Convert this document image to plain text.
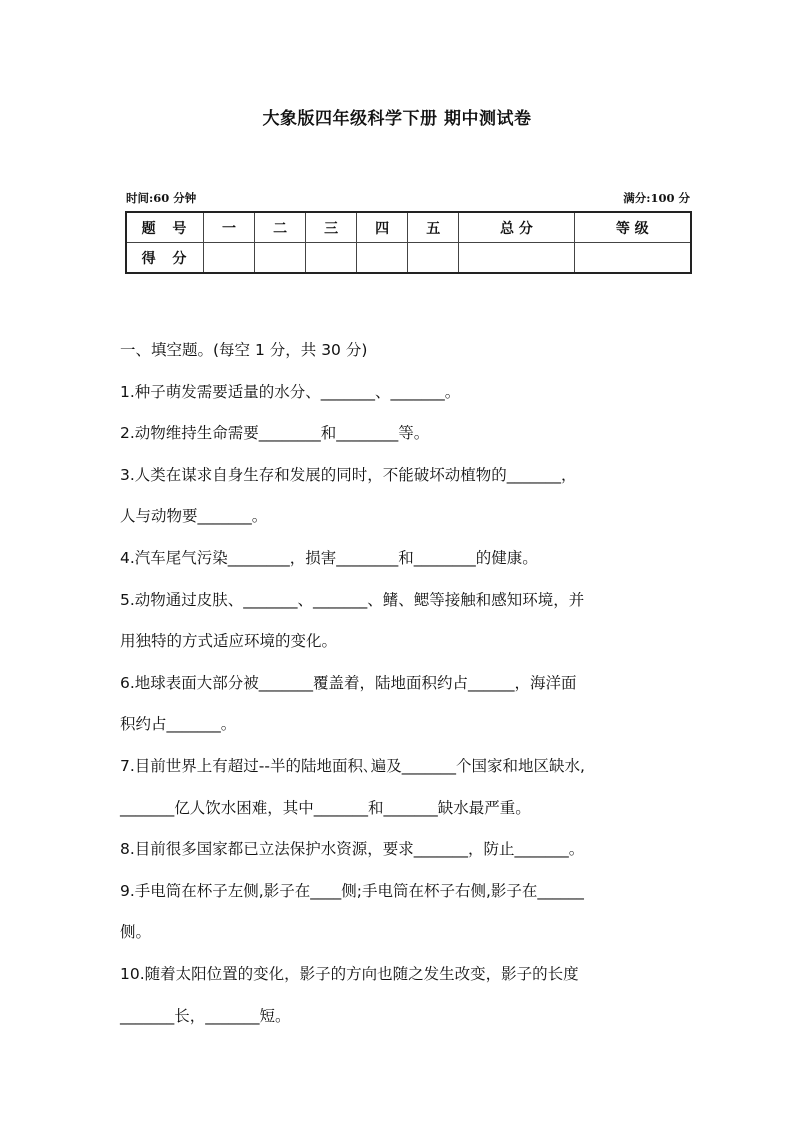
大象版四年级科学下册 期中测试卷
时间:60 分钟	满分:100 分
题 号	一	二	三	四	五	总 分	等 级
得 分							

一、填空题。(每空 1 分，共 30 分)

1.种子萌发需要适量的水分、_______、_______。

2.动物维持生命需要________和________等。

3.人类在谋求自身生存和发展的同时，不能破坏动植物的_______，

人与动物要_______。

4.汽车尾气污染________，损害________和________的健康。

5.动物通过皮肤、_______、_______、鳍、鳃等接触和感知环境，并

用独特的方式适应环境的变化。

6.地球表面大部分被_______覆盖着，陆地面积约占______，海洋面

积约占_______。

7.目前世界上有超过--半的陆地面积､遍及_______个国家和地区缺水,

_______亿人饮水困难，其中_______和_______缺水最严重。

8.目前很多国家都已立法保护水资源，要求_______，防止_______。

9.手电筒在杯子左侧,影子在____侧;手电筒在杯子右侧,影子在______

侧。

10.随着太阳位置的变化，影子的方向也随之发生改变，影子的长度

_______长，_______短。
